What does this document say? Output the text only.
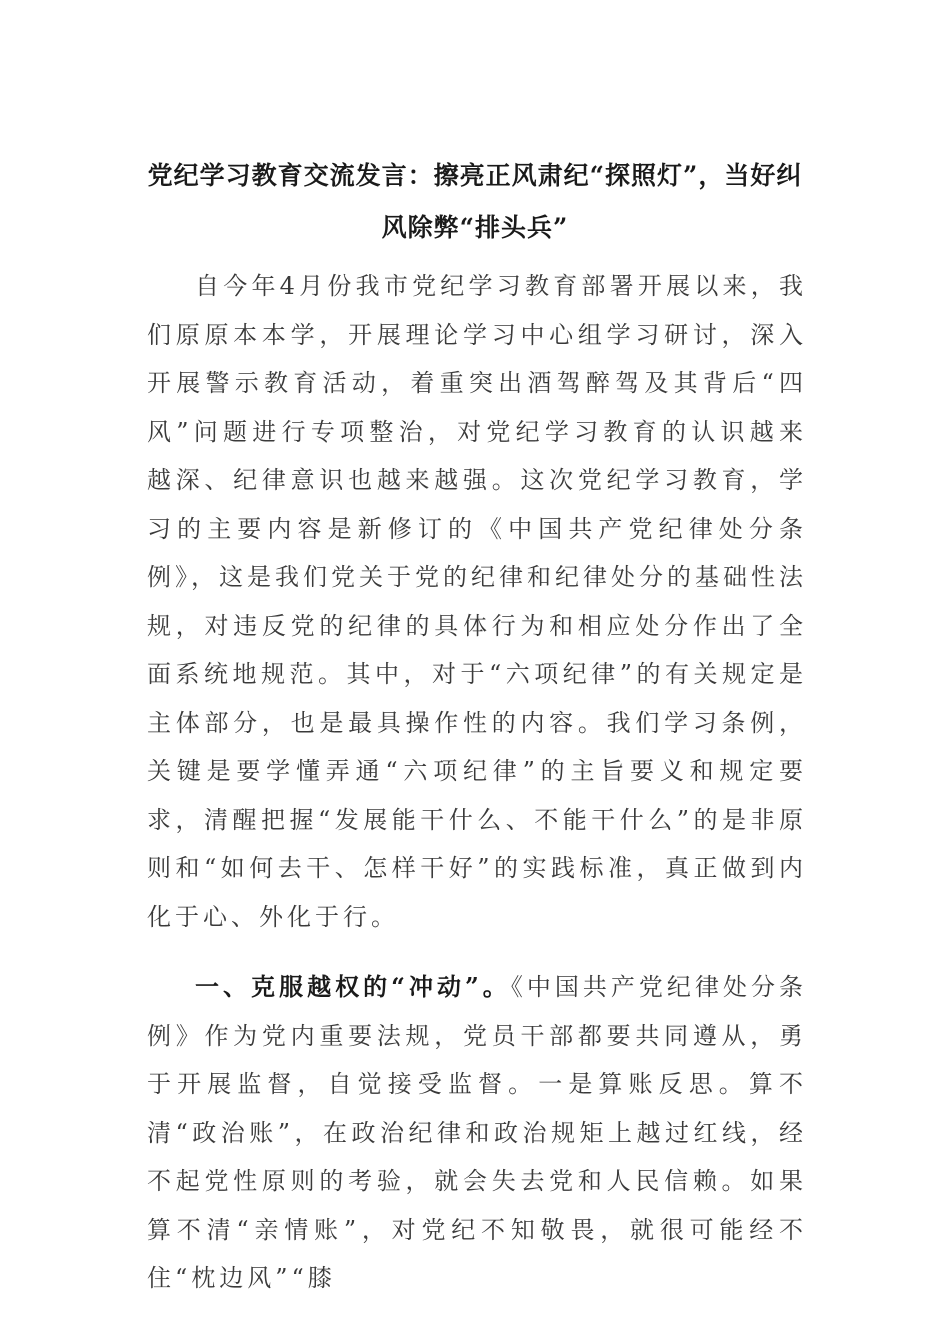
党纪学习教育交流发言：擦亮正风肃纪“探照灯”，当好纠风除弊“排头兵”

自今年4月份我市党纪学习教育部署开展以来，我们原原本本学，开展理论学习中心组学习研讨，深入开展警示教育活动，着重突出酒驾醉驾及其背后“四风”问题进行专项整治，对党纪学习教育的认识越来越深、纪律意识也越来越强。这次党纪学习教育，学习的主要内容是新修订的《中国共产党纪律处分条例》，这是我们党关于党的纪律和纪律处分的基础性法规，对违反党的纪律的具体行为和相应处分作出了全面系统地规范。其中，对于“六项纪律”的有关规定是主体部分，也是最具操作性的内容。我们学习条例，关键是要学懂弄通“六项纪律”的主旨要义和规定要求，清醒把握“发展能干什么、不能干什么”的是非原则和“如何去干、怎样干好”的实践标准，真正做到内化于心、外化于行。

一、克服越权的“冲动”。《中国共产党纪律处分条例》作为党内重要法规，党员干部都要共同遵从，勇于开展监督，自觉接受监督。一是算账反思。算不清“政治账”，在政治纪律和政治规矩上越过红线，经不起党性原则的考验，就会失去党和人民信赖。如果算不清“亲情账”，对党纪不知敬畏，就很可能经不住“枕边风”“膝
